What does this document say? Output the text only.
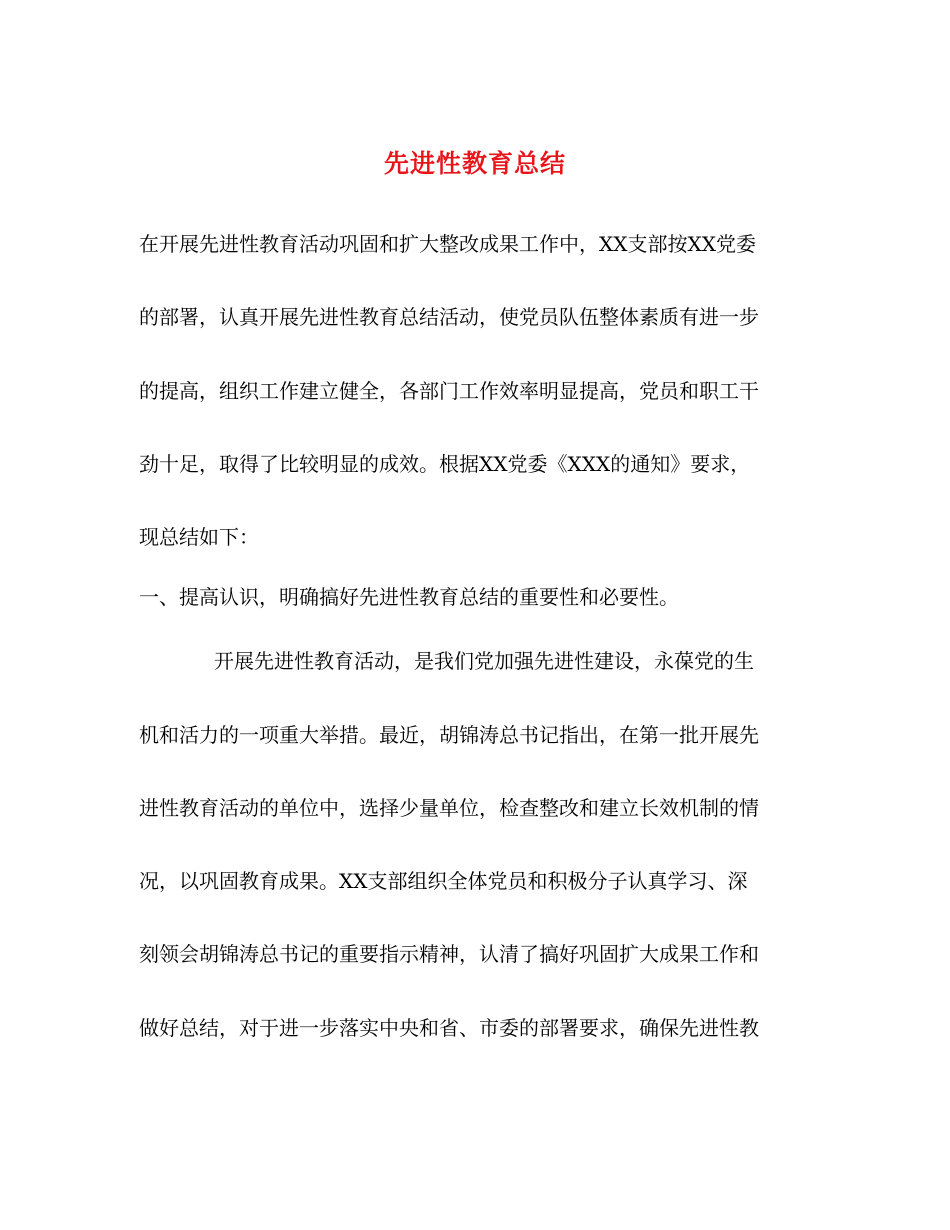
先进性教育总结
在开展先进性教育活动巩固和扩大整改成果工作中，XX支部按XX党委
的部署，认真开展先进性教育总结活动，使党员队伍整体素质有进一步
的提高，组织工作建立健全，各部门工作效率明显提高，党员和职工干
劲十足，取得了比较明显的成效。根据XX党委《XXX的通知》要求，
现总结如下：
一、提高认识，明确搞好先进性教育总结的重要性和必要性。
开展先进性教育活动，是我们党加强先进性建设，永葆党的生
机和活力的一项重大举措。最近，胡锦涛总书记指出，在第一批开展先
进性教育活动的单位中，选择少量单位，检查整改和建立长效机制的情
况，以巩固教育成果。XX支部组织全体党员和积极分子认真学习、深
刻领会胡锦涛总书记的重要指示精神，认清了搞好巩固扩大成果工作和
做好总结，对于进一步落实中央和省、市委的部署要求，确保先进性教
